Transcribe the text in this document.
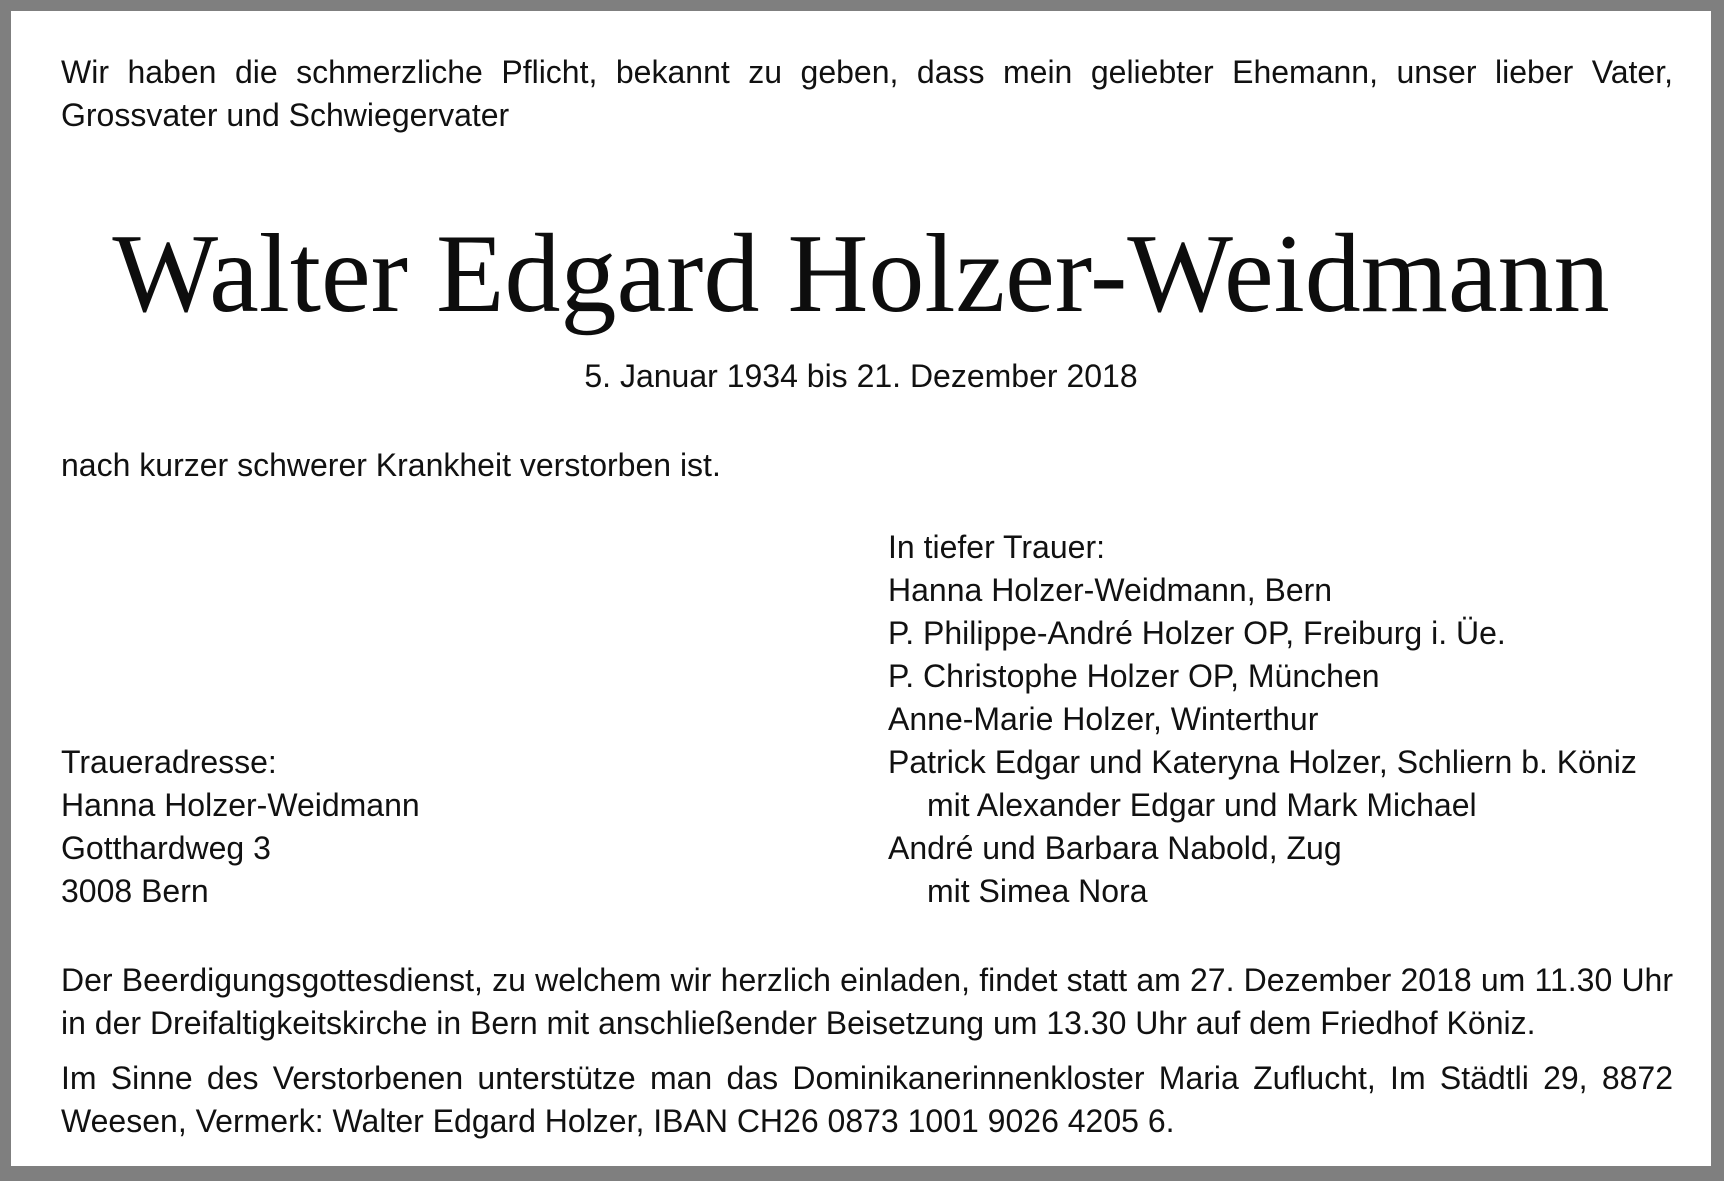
Wir haben die schmerzliche Pflicht, bekannt zu geben, dass mein geliebter Ehemann, unser lieber Vater, Grossvater und Schwiegervater

Walter Edgard Holzer-Weidmann

5. Januar 1934 bis 21. Dezember 2018

nach kurzer schwerer Krankheit verstorben ist.

In tiefer Trauer:
Hanna Holzer-Weidmann, Bern
P. Philippe-André Holzer OP, Freiburg i. Üe.
P. Christophe Holzer OP, München
Anne-Marie Holzer, Winterthur
Patrick Edgar und Kateryna Holzer, Schliern b. Köniz
mit Alexander Edgar und Mark Michael
André und Barbara Nabold, Zug
mit Simea Nora
Traueradresse:
Hanna Holzer-Weidmann
Gotthardweg 3
3008 Bern

Der Beerdigungsgottesdienst, zu welchem wir herzlich einladen, findet statt am 27. Dezember 2018 um 11.30 Uhr in der Dreifaltigkeitskirche in Bern mit anschließender Beisetzung um 13.30 Uhr auf dem Friedhof Köniz.

Im Sinne des Verstorbenen unterstütze man das Dominikanerinnenkloster Maria Zuflucht, Im Städtli 29, 8872 Weesen, Vermerk: Walter Edgard Holzer, IBAN CH26 0873 1001 9026 4205 6.
